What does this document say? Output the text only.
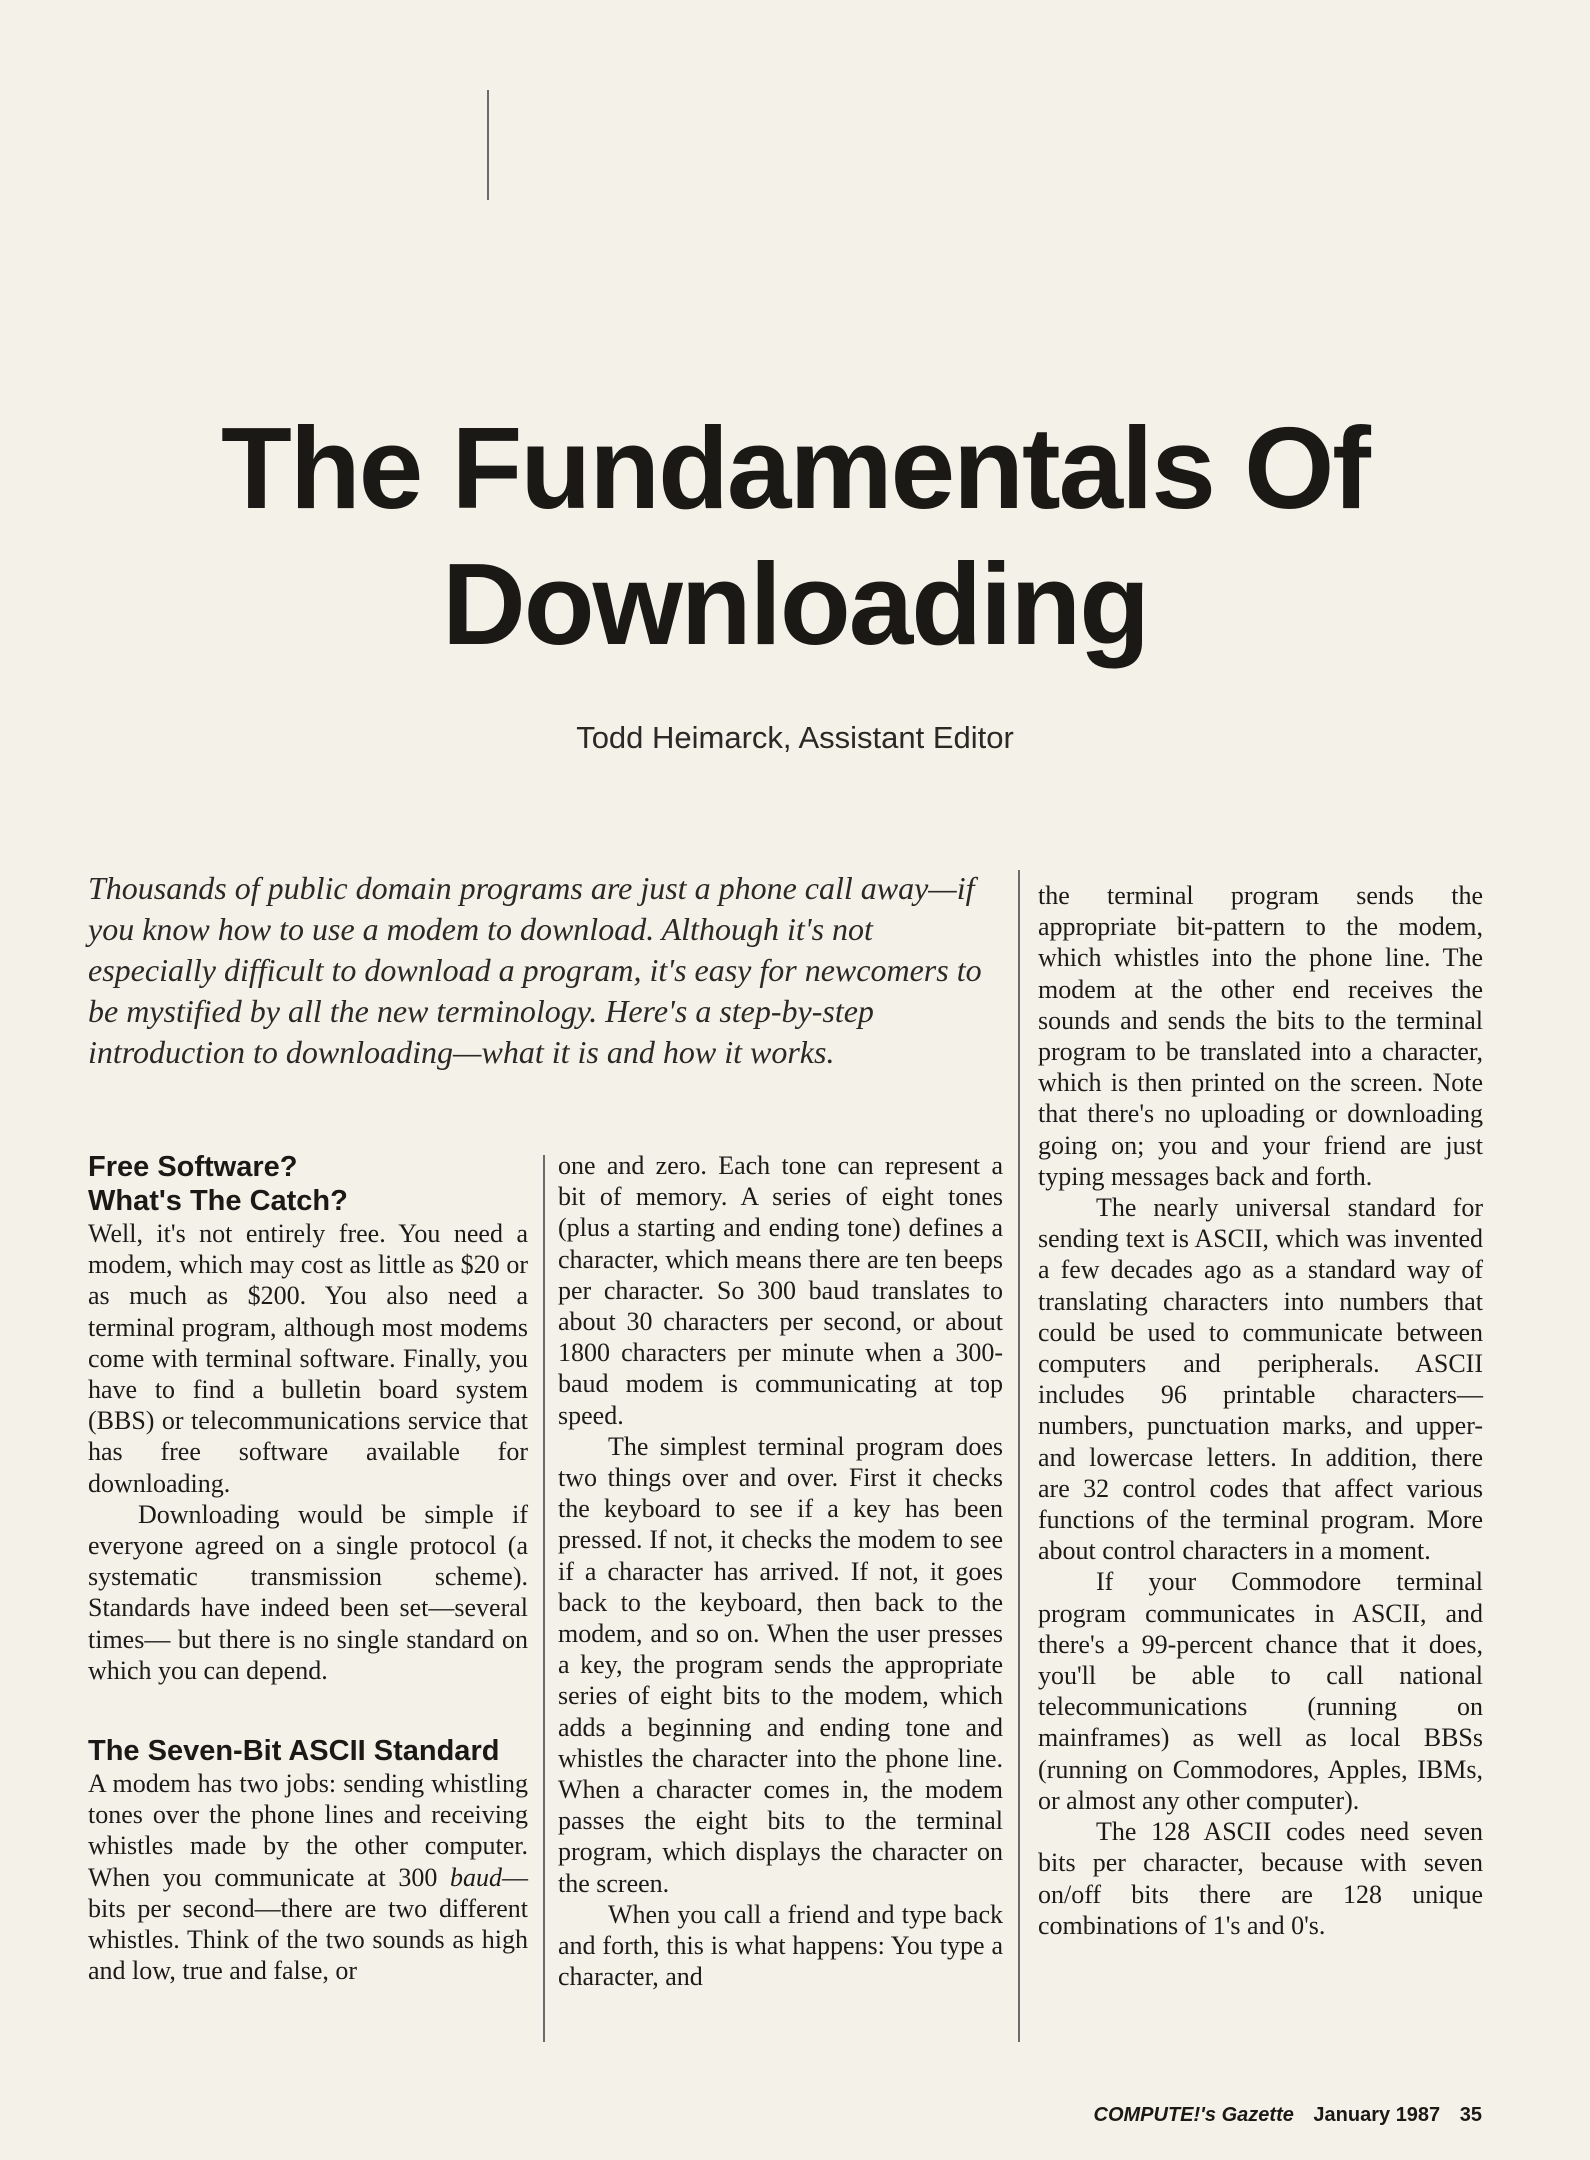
The Fundamentals Of
Downloading

Todd Heimarck, Assistant Editor

Thousands of public domain programs are just a phone call away—if you know how to use a modem to download. Although it's not especially difficult to download a program, it's easy for newcomers to be mystified by all the new terminology. Here's a step-by-step introduction to downloading—what it is and how it works.

Free Software?
What's The Catch?

Well, it's not entirely free. You need a modem, which may cost as little as $20 or as much as $200. You also need a terminal program, although most modems come with terminal software. Finally, you have to find a bulletin board system (BBS) or telecommunications service that has free software available for downloading.

Downloading would be simple if everyone agreed on a single protocol (a systematic transmission scheme). Standards have indeed been set—several times— but there is no single standard on which you can depend.

The Seven-Bit ASCII Standard

A modem has two jobs: sending whistling tones over the phone lines and receiving whistles made by the other computer. When you communicate at 300 baud—bits per second—there are two different whistles. Think of the two sounds as high and low, true and false, or

one and zero. Each tone can represent a bit of memory. A series of eight tones (plus a starting and ending tone) defines a character, which means there are ten beeps per character. So 300 baud translates to about 30 characters per second, or about 1800 characters per minute when a 300-baud modem is communicating at top speed.

The simplest terminal program does two things over and over. First it checks the keyboard to see if a key has been pressed. If not, it checks the modem to see if a character has arrived. If not, it goes back to the keyboard, then back to the modem, and so on. When the user presses a key, the program sends the appropriate series of eight bits to the modem, which adds a beginning and ending tone and whistles the character into the phone line. When a character comes in, the modem passes the eight bits to the terminal program, which displays the character on the screen.

When you call a friend and type back and forth, this is what happens: You type a character, and

the terminal program sends the appropriate bit-pattern to the modem, which whistles into the phone line. The modem at the other end receives the sounds and sends the bits to the terminal program to be translated into a character, which is then printed on the screen. Note that there's no uploading or downloading going on; you and your friend are just typing messages back and forth.

The nearly universal standard for sending text is ASCII, which was invented a few decades ago as a standard way of translating characters into numbers that could be used to communicate between computers and peripherals. ASCII includes 96 printable characters—numbers, punctuation marks, and upper- and lowercase letters. In addition, there are 32 control codes that affect various functions of the terminal program. More about control characters in a moment.

If your Commodore terminal program communicates in ASCII, and there's a 99-percent chance that it does, you'll be able to call national telecommunications (running on mainframes) as well as local BBSs (running on Commodores, Apples, IBMs, or almost any other computer).

The 128 ASCII codes need seven bits per character, because with seven on/off bits there are 128 unique combinations of 1's and 0's.

COMPUTE!'s Gazette January 1987 35
